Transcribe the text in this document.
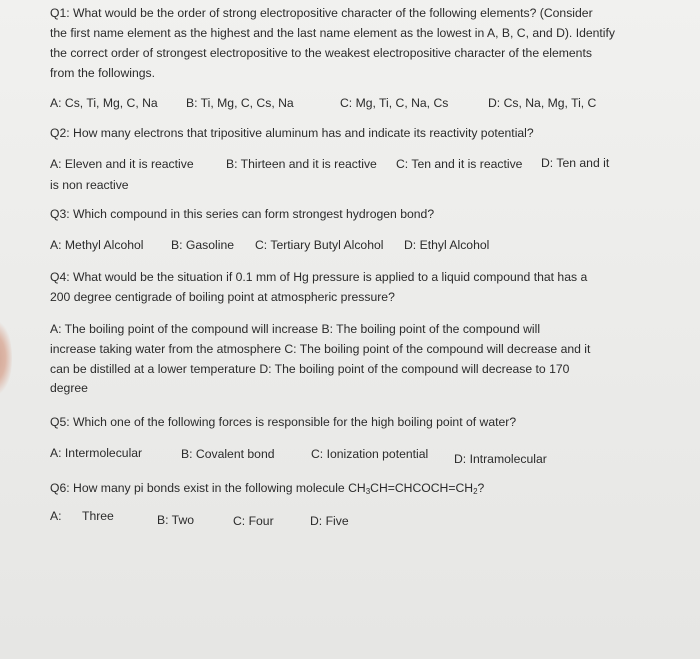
Q1: What would be the order of strong electropositive character of the following elements? (Consider
the first name element as the highest and the last name element as the lowest in A, B, C, and D). Identify
the correct order of strongest electropositive to the weakest electropositive character of the elements
from the followings.
A: Cs, Ti, Mg, C, Na B: Ti, Mg, C, Cs, Na	C: Mg, Ti, C, Na, Cs	D: Cs, Na, Mg, Ti, C
Q2: How many electrons that tripositive aluminum has and indicate its reactivity potential?
A: Eleven and it is reactive	B: Thirteen and it is reactive C: Ten and it is reactive D: Ten and it
is non reactive
Q3: Which compound in this series can form strongest hydrogen bond?
A: Methyl Alcohol B: Gasoline C: Tertiary Butyl Alcohol D: Ethyl Alcohol
Q4: What would be the situation if 0.1 mm of Hg pressure is applied to a liquid compound that has a
200 degree centigrade of boiling point at atmospheric pressure?
A: The boiling point of the compound will increase B: The boiling point of the compound will
increase taking water from the atmosphere C: The boiling point of the compound will decrease and it
can be distilled at a lower temperature D: The boiling point of the compound will decrease to 170
degree
Q5: Which one of the following forces is responsible for the high boiling point of water?
A: Intermolecular	B: Covalent bond	C: Ionization potential D: Intramolecular
Q6: How many pi bonds exist in the following molecule $CH_3CH=CHCOCH=CH_2$?
A: Three	B: Two	C: Four	D: Five
